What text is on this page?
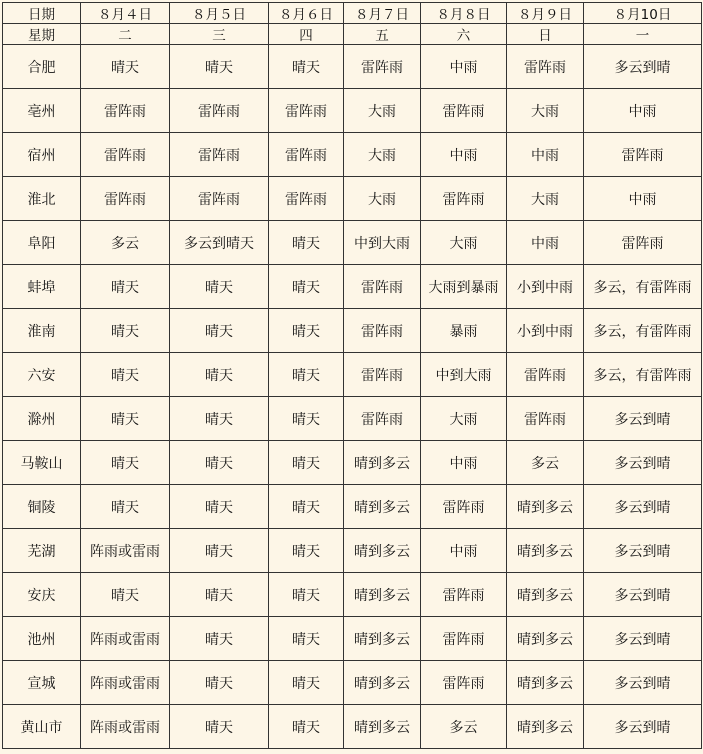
日期	８月４日	８月５日	８月６日	８月７日	８月８日	８月９日	８月10日
星期	二	三	四	五	六	日	一
合肥	晴天	晴天	晴天	雷阵雨	中雨	雷阵雨	多云到晴
亳州	雷阵雨	雷阵雨	雷阵雨	大雨	雷阵雨	大雨	中雨
宿州	雷阵雨	雷阵雨	雷阵雨	大雨	中雨	中雨	雷阵雨
淮北	雷阵雨	雷阵雨	雷阵雨	大雨	雷阵雨	大雨	中雨
阜阳	多云	多云到晴天	晴天	中到大雨	大雨	中雨	雷阵雨
蚌埠	晴天	晴天	晴天	雷阵雨	大雨到暴雨	小到中雨	多云，有雷阵雨
淮南	晴天	晴天	晴天	雷阵雨	暴雨	小到中雨	多云，有雷阵雨
六安	晴天	晴天	晴天	雷阵雨	中到大雨	雷阵雨	多云，有雷阵雨
滁州	晴天	晴天	晴天	雷阵雨	大雨	雷阵雨	多云到晴
马鞍山	晴天	晴天	晴天	晴到多云	中雨	多云	多云到晴
铜陵	晴天	晴天	晴天	晴到多云	雷阵雨	晴到多云	多云到晴
芜湖	阵雨或雷雨	晴天	晴天	晴到多云	中雨	晴到多云	多云到晴
安庆	晴天	晴天	晴天	晴到多云	雷阵雨	晴到多云	多云到晴
池州	阵雨或雷雨	晴天	晴天	晴到多云	雷阵雨	晴到多云	多云到晴
宣城	阵雨或雷雨	晴天	晴天	晴到多云	雷阵雨	晴到多云	多云到晴
黄山市	阵雨或雷雨	晴天	晴天	晴到多云	多云	晴到多云	多云到晴
